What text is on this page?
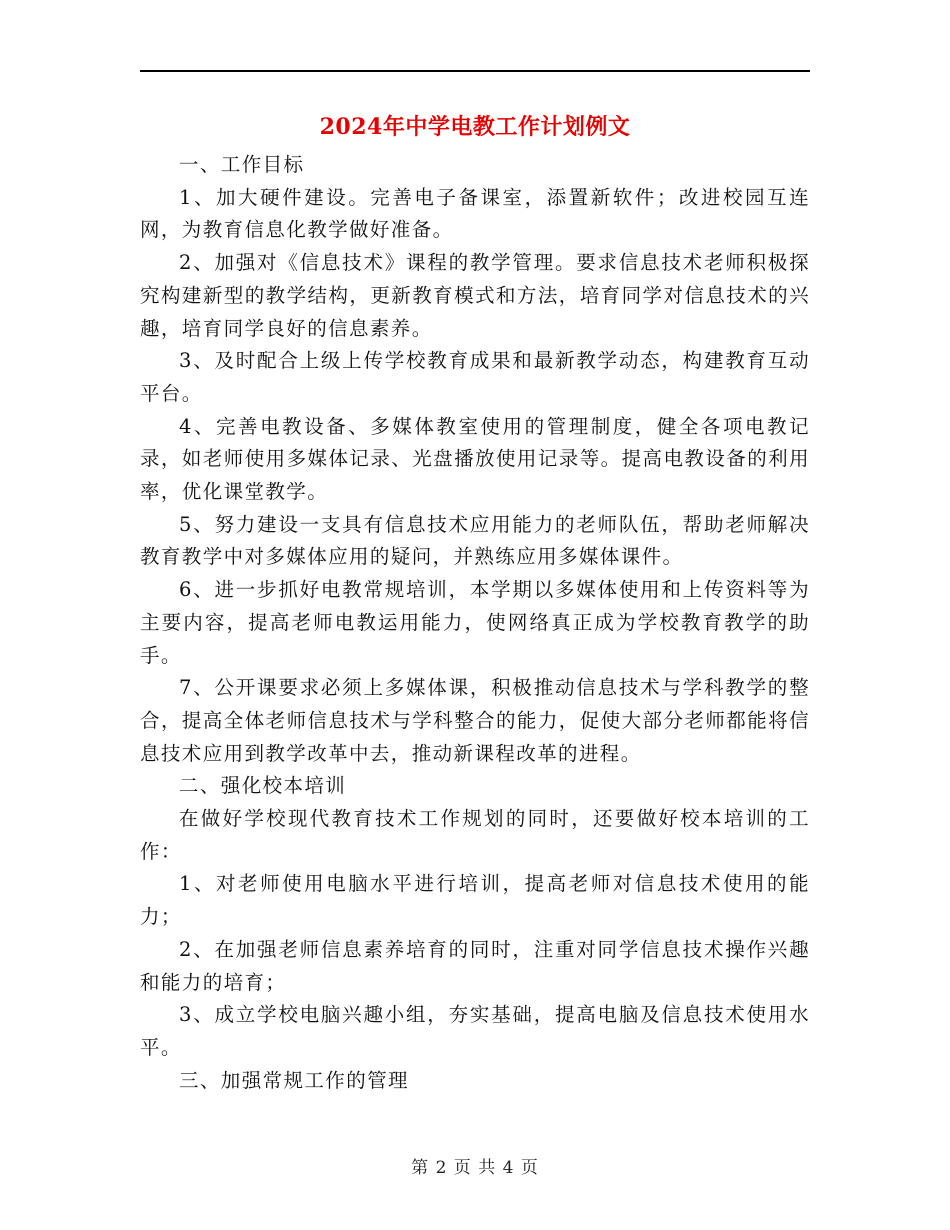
2024年中学电教工作计划例文

一、工作目标

1、加大硬件建设。完善电子备课室，添置新软件；改进校园互连网，为教育信息化教学做好准备。

2、加强对《信息技术》课程的教学管理。要求信息技术老师积极探究构建新型的教学结构，更新教育模式和方法，培育同学对信息技术的兴趣，培育同学良好的信息素养。

3、及时配合上级上传学校教育成果和最新教学动态，构建教育互动平台。

4、完善电教设备、多媒体教室使用的管理制度，健全各项电教记录，如老师使用多媒体记录、光盘播放使用记录等。提高电教设备的利用率，优化课堂教学。

5、努力建设一支具有信息技术应用能力的老师队伍，帮助老师解决教育教学中对多媒体应用的疑问，并熟练应用多媒体课件。

6、进一步抓好电教常规培训，本学期以多媒体使用和上传资料等为主要内容，提高老师电教运用能力，使网络真正成为学校教育教学的助手。

7、公开课要求必须上多媒体课，积极推动信息技术与学科教学的整合，提高全体老师信息技术与学科整合的能力，促使大部分老师都能将信息技术应用到教学改革中去，推动新课程改革的进程。

二、强化校本培训

在做好学校现代教育技术工作规划的同时，还要做好校本培训的工作：

1、对老师使用电脑水平进行培训，提高老师对信息技术使用的能力；

2、在加强老师信息素养培育的同时，注重对同学信息技术操作兴趣和能力的培育；

3、成立学校电脑兴趣小组，夯实基础，提高电脑及信息技术使用水平。

三、加强常规工作的管理

第 2 页 共 4 页
